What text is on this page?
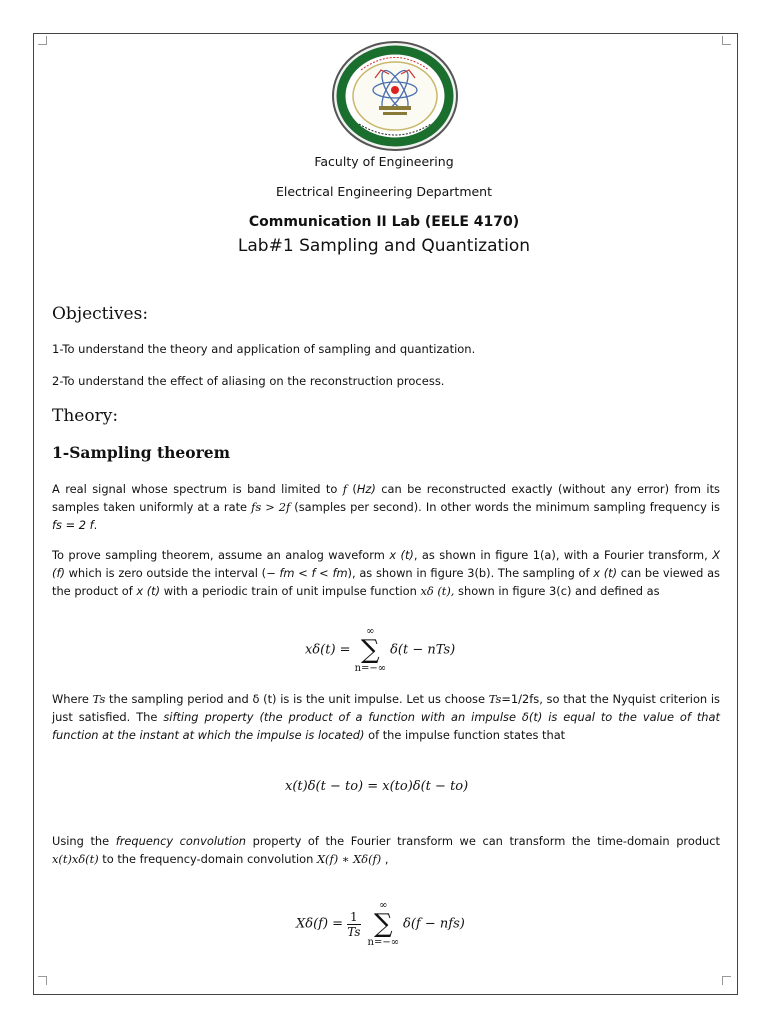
Faculty of Engineering
Electrical Engineering Department
Communication II Lab (EELE 4170)
Lab#1 Sampling and Quantization
Objectives:
1-To understand the theory and application of sampling and quantization.
2-To understand the effect of aliasing on the reconstruction process.
Theory:
1-Sampling theorem
A real signal whose spectrum is band limited to f (Hz) can be reconstructed exactly (without any error) from its samples taken uniformly at a rate fs > 2f (samples per second). In other words the minimum sampling frequency is fs = 2 f.
To prove sampling theorem, assume an analog waveform x (t), as shown in figure 1(a), with a Fourier transform, X (f) which is zero outside the interval (− fm < f < fm), as shown in figure 3(b). The sampling of x (t) can be viewed as the product of x (t) with a periodic train of unit impulse function xδ (t), shown in figure 3(c) and defined as
xδ(t) =
∞
∑
n=−∞
δ(t − nTs)
Where Ts the sampling period and δ (t) is is the unit impulse. Let us choose Ts=1/2fs, so that the Nyquist criterion is just satisfied. The sifting property (the product of a function with an impulse δ(t) is equal to the value of that function at the instant at which the impulse is located) of the impulse function states that
x(t)δ(t − to) = x(to)δ(t − to)
Using the frequency convolution property of the Fourier transform we can transform the time-domain product x(t)xδ(t) to the frequency-domain convolution X(f) ∗ Xδ(f) ,
$X\delta(f) = \frac{1}{Ts}$
∞
∑
n=−∞
δ(f − nfs)
